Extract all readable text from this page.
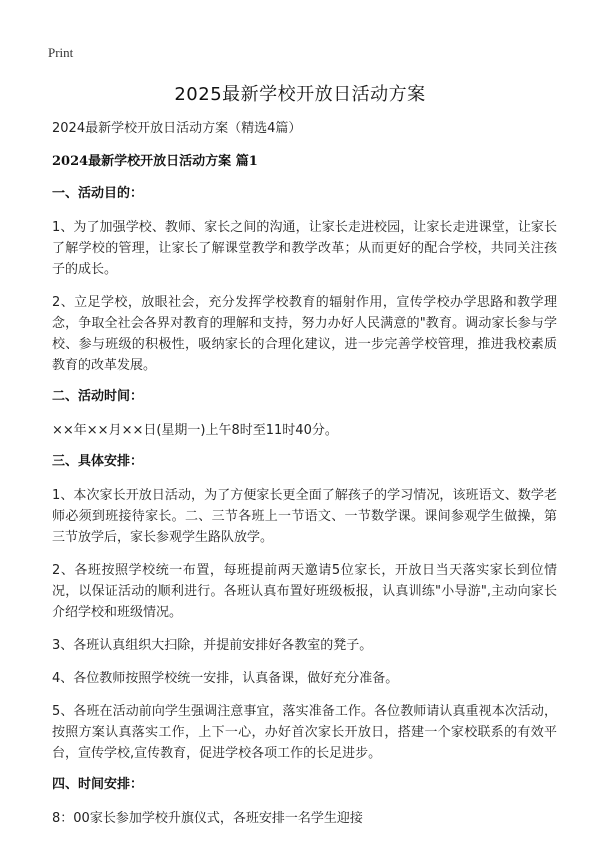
Print
2025最新学校开放日活动方案

2024最新学校开放日活动方案（精选4篇）

2024最新学校开放日活动方案 篇1

一、活动目的：

1、为了加强学校、教师、家长之间的沟通，让家长走进校园，让家长走进课堂，让家长了解学校的管理，让家长了解课堂教学和教学改革；从而更好的配合学校，共同关注孩子的成长。

2、立足学校，放眼社会，充分发挥学校教育的辐射作用，宣传学校办学思路和教学理念，争取全社会各界对教育的理解和支持，努力办好人民满意的"教育。调动家长参与学校、参与班级的积极性，吸纳家长的合理化建议，进一步完善学校管理，推进我校素质教育的改革发展。

二、活动时间：

××年××月××日(星期一)上午8时至11时40分。

三、具体安排：

1、本次家长开放日活动，为了方便家长更全面了解孩子的学习情况，该班语文、数学老师必须到班接待家长。二、三节各班上一节语文、一节数学课。课间参观学生做操，第三节放学后，家长参观学生路队放学。

2、各班按照学校统一布置，每班提前两天邀请5位家长，开放日当天落实家长到位情况，以保证活动的顺利进行。各班认真布置好班级板报，认真训练"小导游",主动向家长介绍学校和班级情况。

3、各班认真组织大扫除，并提前安排好各教室的凳子。

4、各位教师按照学校统一安排，认真备课，做好充分准备。

5、各班在活动前向学生强调注意事宜，落实准备工作。各位教师请认真重视本次活动，按照方案认真落实工作，上下一心，办好首次家长开放日，搭建一个家校联系的有效平台，宣传学校,宣传教育，促进学校各项工作的长足进步。

四、时间安排：

8：00家长参加学校升旗仪式，各班安排一名学生迎接
